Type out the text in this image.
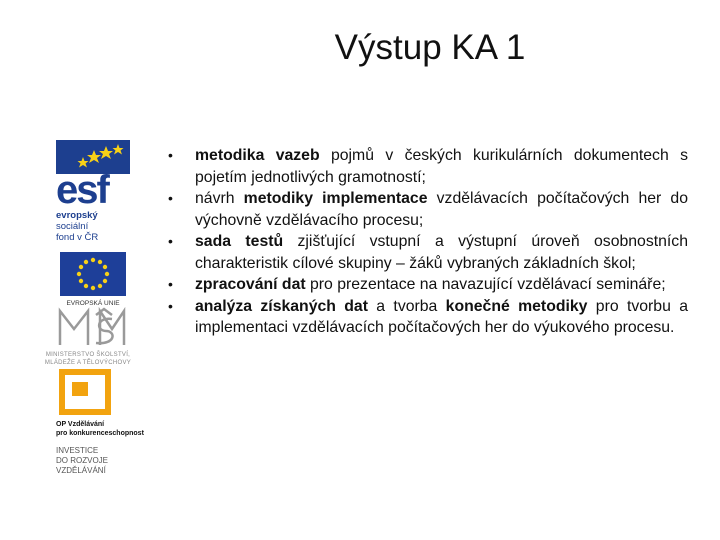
Výstup KA 1
esf
evropský
sociální
fond v ČR
EVROPSKÁ UNIE
MINISTERSTVO ŠKOLSTVÍ,
MLÁDEŽE A TĚLOVÝCHOVY
OP Vzdělávání
pro konkurenceschopnost
INVESTICE
DO ROZVOJE
VZDĚLÁVÁNÍ
• metodika vazeb pojmů v českých kurikulárních dokumentech s pojetím jednotlivých gramotností;
• návrh metodiky implementace vzdělávacích počítačových her do výchovně vzdělávacího procesu;
• sada testů zjišťující vstupní a výstupní úroveň osobnostních charakteristik cílové skupiny – žáků vybraných základních škol;
• zpracování dat pro prezentace na navazující vzdělávací semináře;
• analýza získaných dat a tvorba konečné metodiky pro tvorbu a implementaci vzdělávacích počítačových her do výukového procesu.
